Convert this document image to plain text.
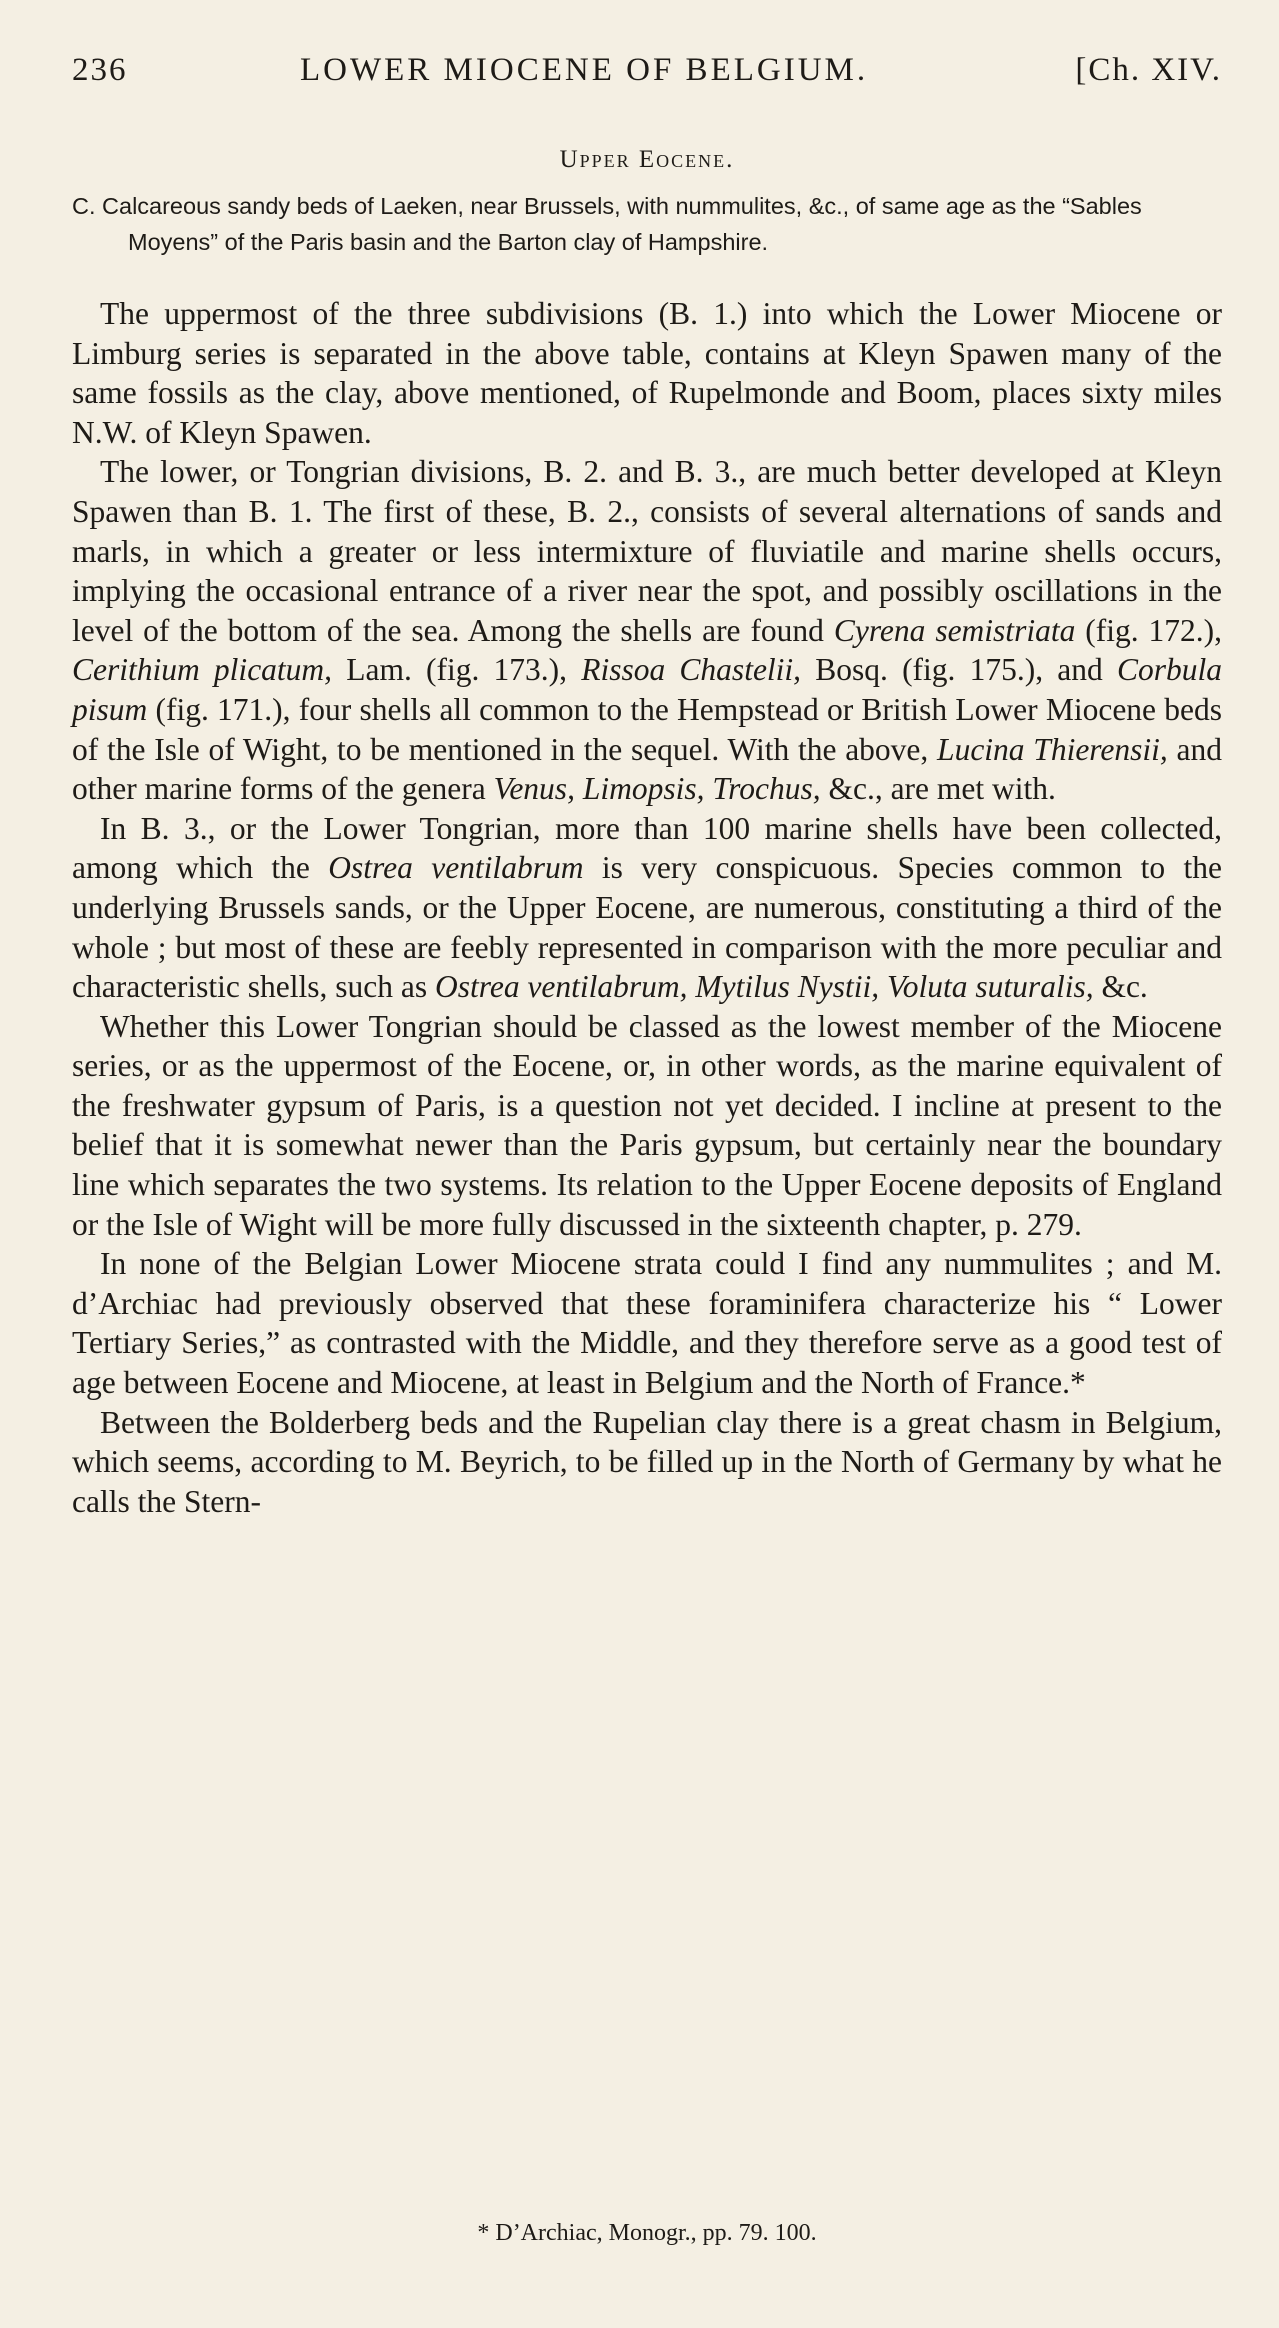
236	LOWER MIOCENE OF BELGIUM.	[Ch. XIV.
Upper Eocene.
C. Calcareous sandy beds of Laeken, near Brussels, with nummulites, &c., of same age as the “Sables Moyens” of the Paris basin and the Barton clay of Hampshire.

The uppermost of the three subdivisions (B. 1.) into which the Lower Miocene or Limburg series is separated in the above table, contains at Kleyn Spawen many of the same fossils as the clay, above mentioned, of Rupelmonde and Boom, places sixty miles N.W. of Kleyn Spawen.

The lower, or Tongrian divisions, B. 2. and B. 3., are much better developed at Kleyn Spawen than B. 1. The first of these, B. 2., consists of several alternations of sands and marls, in which a greater or less intermixture of fluviatile and marine shells occurs, implying the occasional entrance of a river near the spot, and possibly oscillations in the level of the bottom of the sea. Among the shells are found Cyrena semistriata (fig. 172.), Cerithium plicatum, Lam. (fig. 173.), Rissoa Chastelii, Bosq. (fig. 175.), and Corbula pisum (fig. 171.), four shells all common to the Hempstead or British Lower Miocene beds of the Isle of Wight, to be mentioned in the sequel. With the above, Lucina Thierensii, and other marine forms of the genera Venus, Limopsis, Trochus, &c., are met with.

In B. 3., or the Lower Tongrian, more than 100 marine shells have been collected, among which the Ostrea ventilabrum is very conspicuous. Species common to the underlying Brussels sands, or the Upper Eocene, are numerous, constituting a third of the whole ; but most of these are feebly represented in comparison with the more peculiar and characteristic shells, such as Ostrea ventilabrum, Mytilus Nystii, Voluta suturalis, &c.

Whether this Lower Tongrian should be classed as the lowest member of the Miocene series, or as the uppermost of the Eocene, or, in other words, as the marine equivalent of the freshwater gypsum of Paris, is a question not yet decided. I incline at present to the belief that it is somewhat newer than the Paris gypsum, but certainly near the boundary line which separates the two systems. Its relation to the Upper Eocene deposits of England or the Isle of Wight will be more fully discussed in the sixteenth chapter, p. 279.

In none of the Belgian Lower Miocene strata could I find any nummulites ; and M. d’Archiac had previously observed that these foraminifera characterize his “ Lower Tertiary Series,” as contrasted with the Middle, and they therefore serve as a good test of age between Eocene and Miocene, at least in Belgium and the North of France.*

Between the Bolderberg beds and the Rupelian clay there is a great chasm in Belgium, which seems, according to M. Beyrich, to be filled up in the North of Germany by what he calls the Stern-

* D’Archiac, Monogr., pp. 79. 100.
